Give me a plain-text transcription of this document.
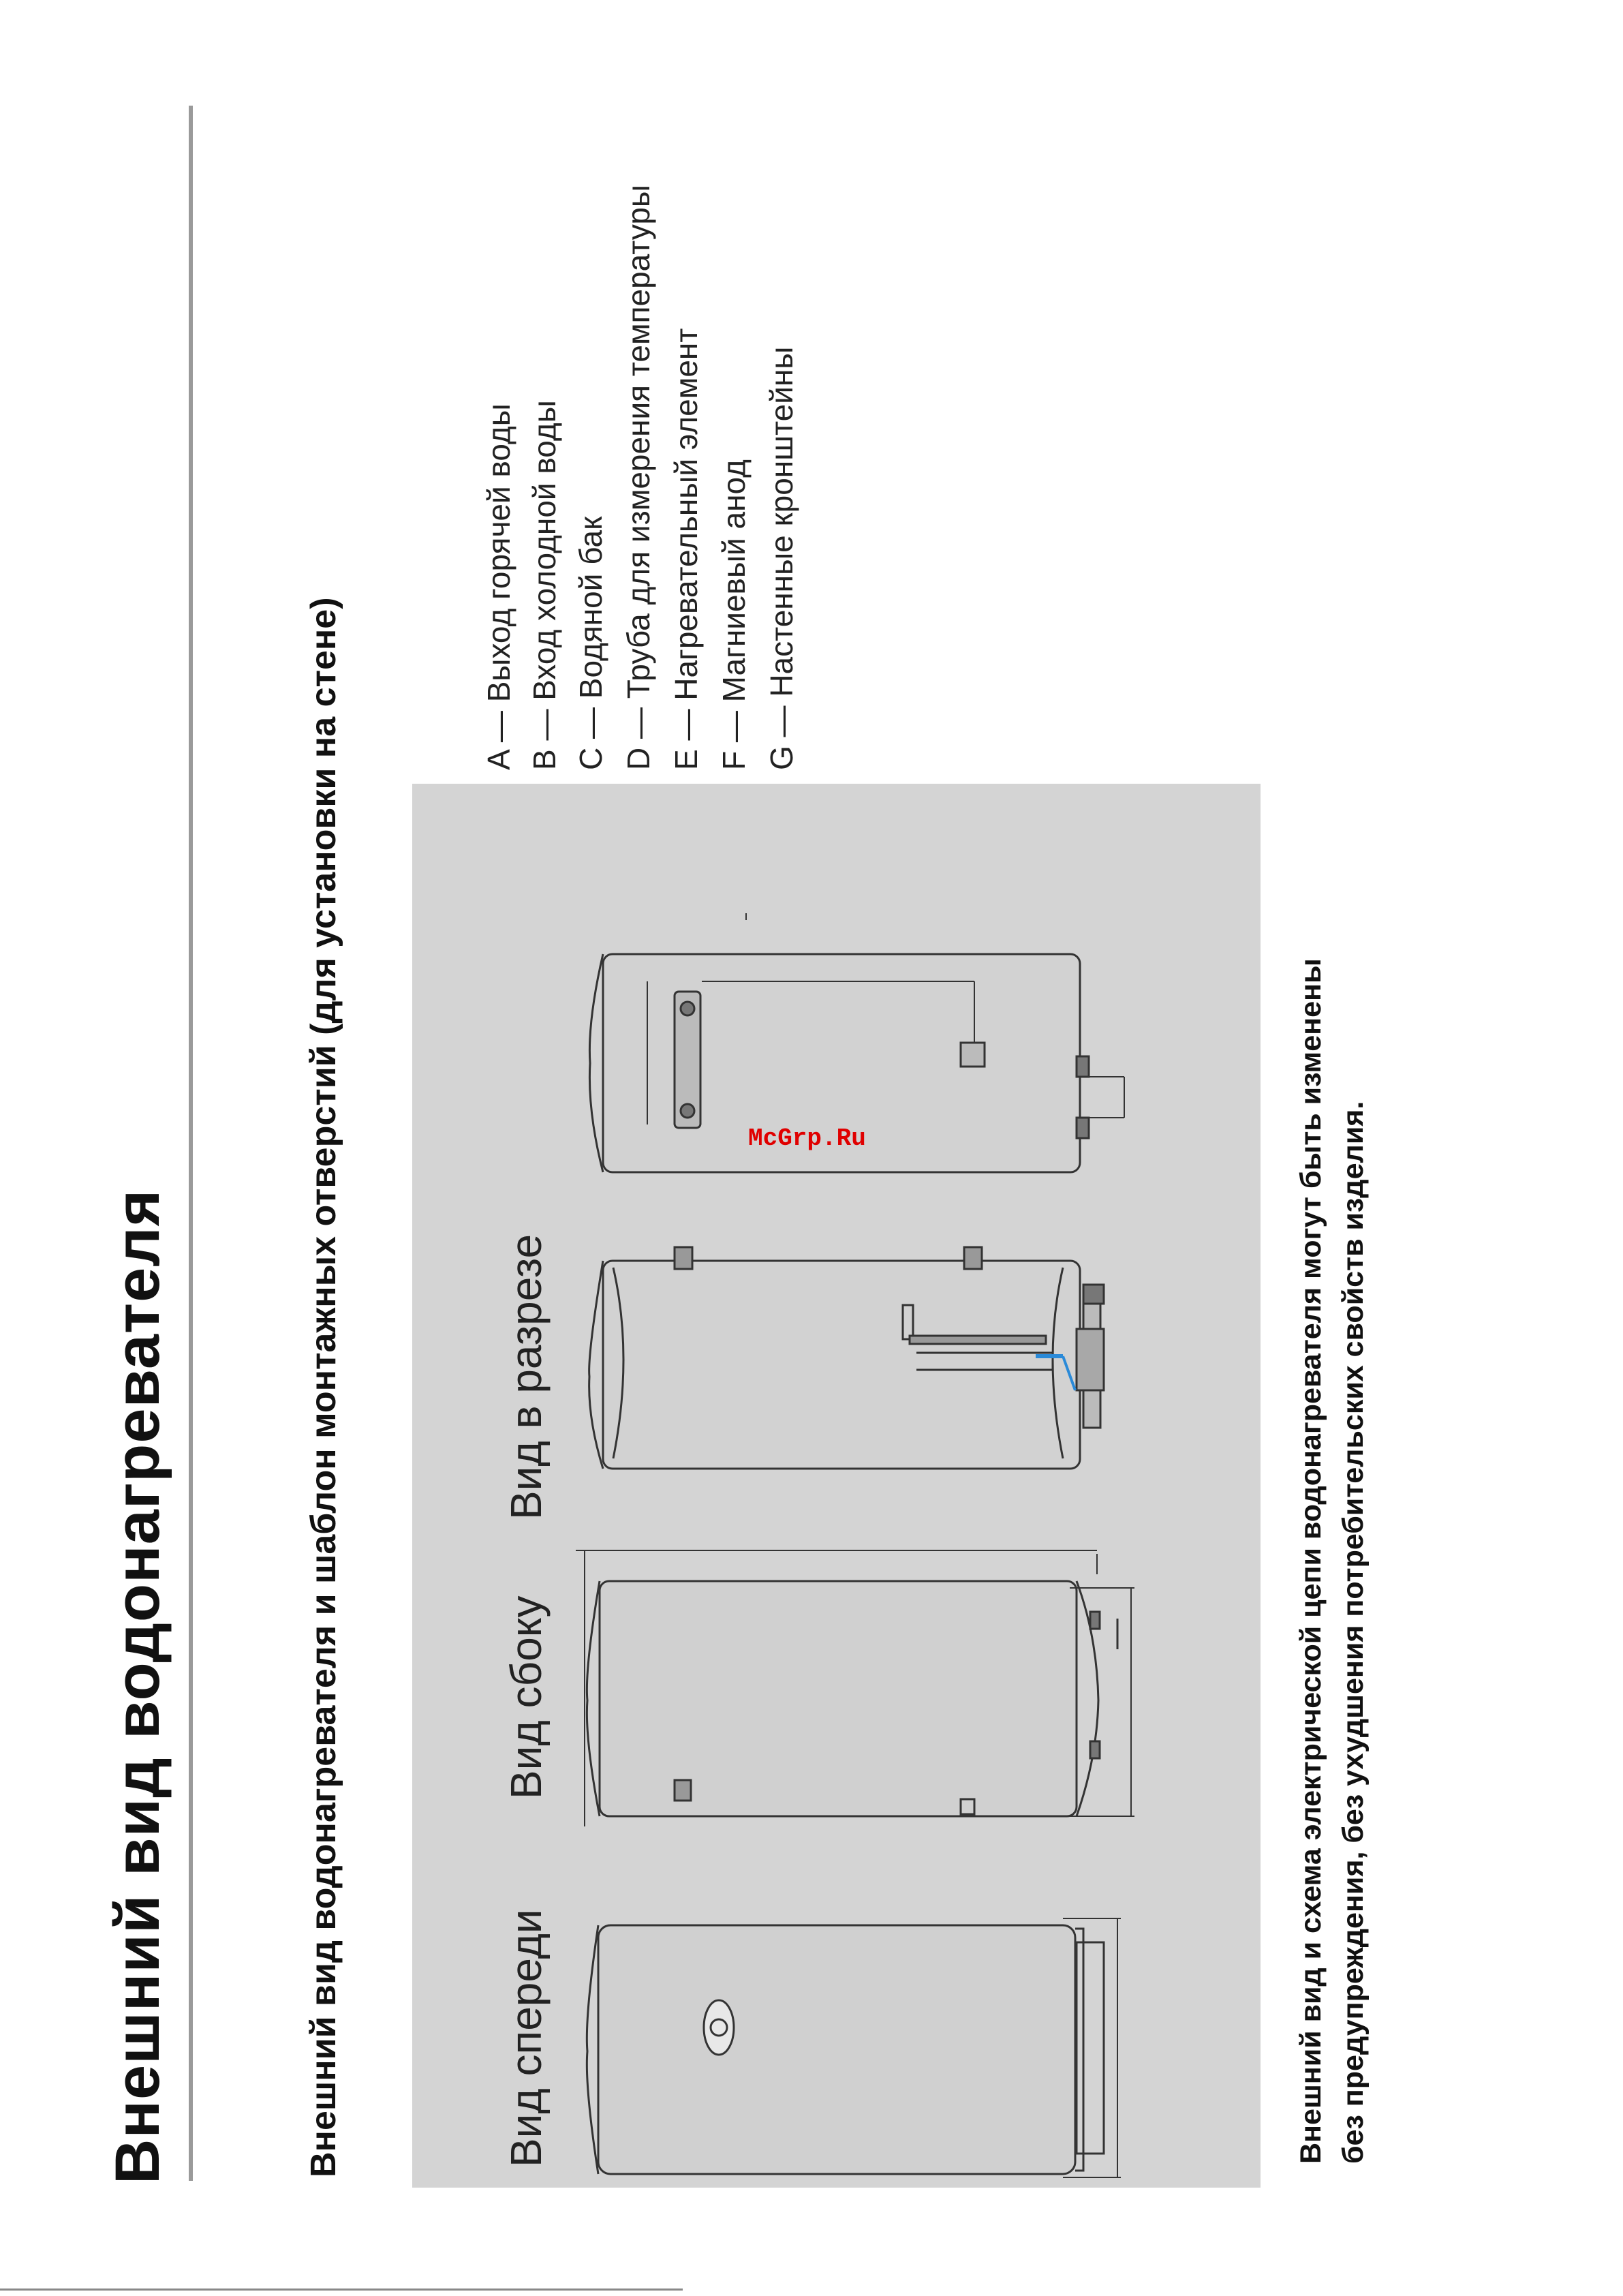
Внешний вид водонагревателя	Внешний вид водонагревателя и шаблон монтажных отверстий (для установки на стене)	Вид спереди
Вид сбоку
Вид в разрезе
A — Выход горячей воды B — Вход холодной воды C — Водяной бак D — Труба для измерения температуры E — Нагревательный элемент F — Магниевый анод G — Настенные кронштейны
McGrp.Ru	Внешний вид и схема электрической цепи водонагревателя могут быть изменены без предупреждения, без ухудшения потребительских свойств изделия.
